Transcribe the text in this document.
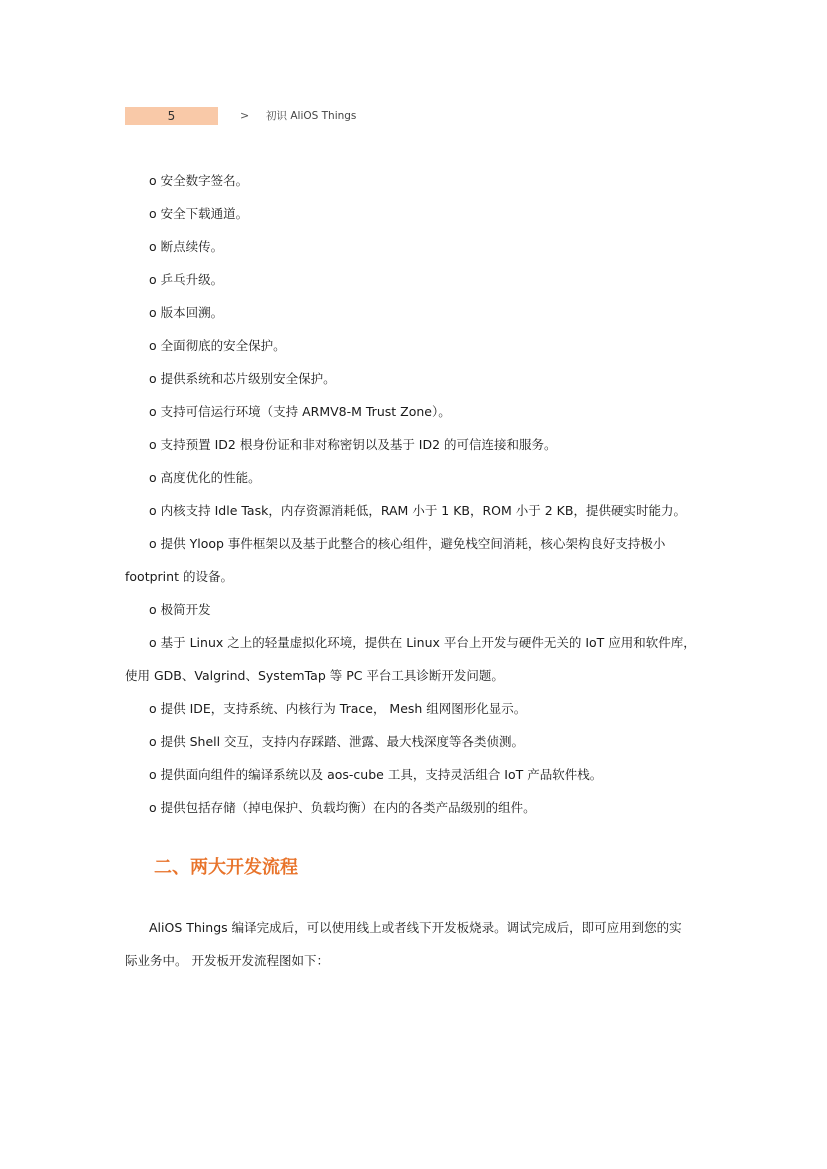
5	> 初识 AliOS Things
o 安全数字签名。
o 安全下载通道。
o 断点续传。
o 乒乓升级。
o 版本回溯。
o 全面彻底的安全保护。
o 提供系统和芯片级别安全保护。
o 支持可信运行环境（支持 ARMV8-M Trust Zone）。
o 支持预置 ID2 根身份证和非对称密钥以及基于 ID2 的可信连接和服务。
o 高度优化的性能。
o 内核支持 Idle Task，内存资源消耗低，RAM 小于 1 KB，ROM 小于 2 KB，提供硬实时能力。
o 提供 Yloop 事件框架以及基于此整合的核心组件，避免栈空间消耗，核心架构良好支持极小
footprint 的设备。
o 极简开发
o 基于 Linux 之上的轻量虚拟化环境，提供在 Linux 平台上开发与硬件无关的 IoT 应用和软件库，
使用 GDB、Valgrind、SystemTap 等 PC 平台工具诊断开发问题。
o 提供 IDE，支持系统、内核行为 Trace， Mesh 组网图形化显示。
o 提供 Shell 交互，支持内存踩踏、泄露、最大栈深度等各类侦测。
o 提供面向组件的编译系统以及 aos-cube 工具，支持灵活组合 IoT 产品软件栈。
o 提供包括存储（掉电保护、负载均衡）在内的各类产品级别的组件。
二、两大开发流程
AliOS Things 编译完成后，可以使用线上或者线下开发板烧录。调试完成后，即可应用到您的实
际业务中。 开发板开发流程图如下：
